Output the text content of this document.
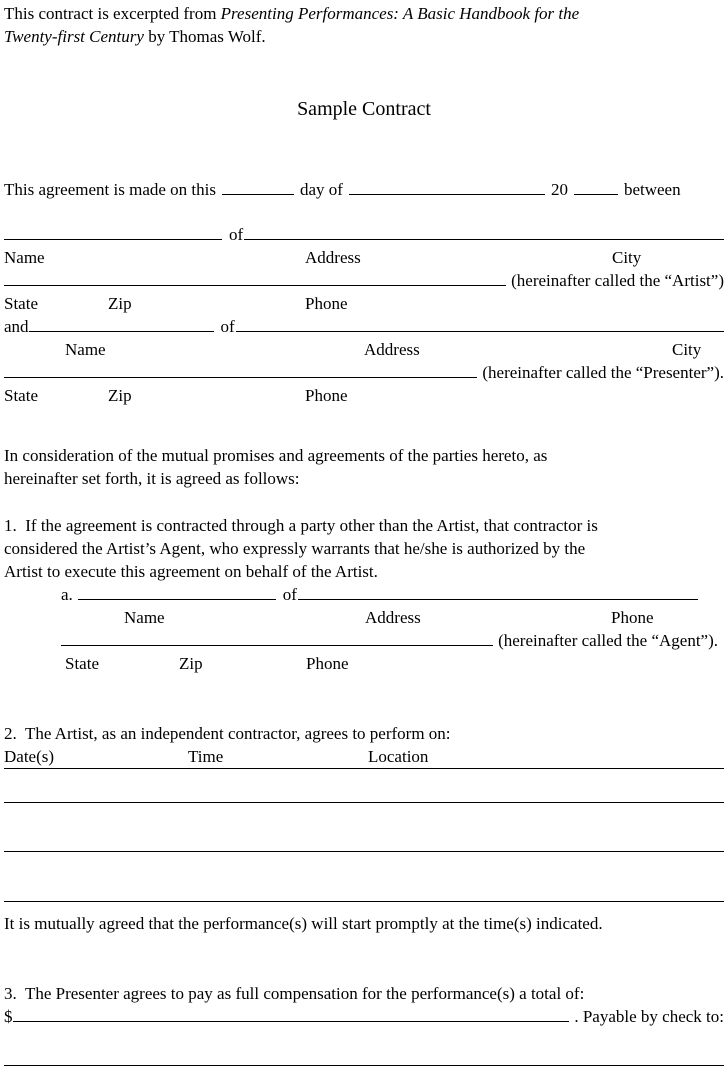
This contract is excerpted from Presenting Performances: A Basic Handbook for the
Twenty-first Century by Thomas Wolf.

Sample Contract
This agreement is made on this	day of	20	between
of
Name	Address	City
(hereinafter called the “Artist”)
State	Zip	Phone
and	of
Name	Address	City
(hereinafter called the “Presenter”).
State	Zip	Phone

In consideration of the mutual promises and agreements of the parties hereto, as
hereinafter set forth, it is agreed as follows:

1.  If the agreement is contracted through a party other than the Artist, that contractor is
considered the Artist’s Agent, who expressly warrants that he/she is authorized by the
Artist to execute this agreement on behalf of the Artist.

a.	of
Name	Address	Phone
(hereinafter called the “Agent”).
State	Zip	Phone

2.  The Artist, as an independent contractor, agrees to perform on:

Date(s)	Time	Location

It is mutually agreed that the performance(s) will start promptly at the time(s) indicated.

3.  The Presenter agrees to pay as full compensation for the performance(s) a total of:

$	. Payable by check to:
